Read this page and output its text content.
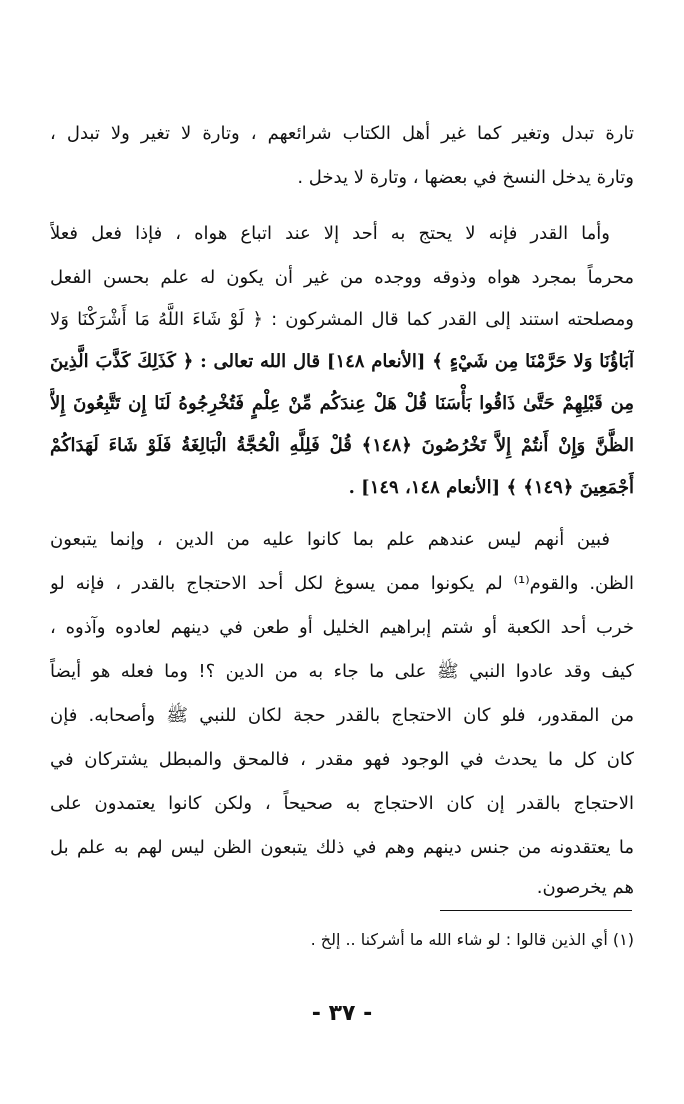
تارة تبدل وتغير كما غير أهل الكتاب شرائعهم ، وتارة لا تغير ولا تبدل ،
وتارة يدخل النسخ في بعضها ، وتارة لا يدخل .
وأما القدر فإنه لا يحتج به أحد إلا عند اتباع هواه ، فإذا فعل فعلاً
محرماً بمجرد هواه وذوقه ووجده من غير أن يكون له علم بحسن الفعل
ومصلحته استند إلى القدر كما قال المشركون : ﴿ لَوْ شَاءَ اللَّهُ مَا أَشْرَكْنَا وَلا
آبَاؤُنَا وَلا حَرَّمْنَا مِن شَيْءٍ ﴾ [الأنعام ١٤٨] قال الله تعالى : ﴿ كَذَلِكَ كَذَّبَ الَّذِينَ
مِن قَبْلِهِمْ حَتَّىٰ ذَاقُوا بَأْسَنَا قُلْ هَلْ عِندَكُم مِّنْ عِلْمٍ فَتُخْرِجُوهُ لَنَا إِن تَتَّبِعُونَ إِلاَّ
الظَّنَّ وَإِنْ أَنتُمْ إِلاَّ تَخْرُصُونَ ﴿١٤٨﴾ قُلْ فَلِلَّهِ الْحُجَّةُ الْبَالِغَةُ فَلَوْ شَاءَ لَهَدَاكُمْ
أَجْمَعِينَ ﴿١٤٩﴾ ﴾ [الأنعام ١٤٨، ١٤٩] .
فبين أنهم ليس عندهم علم بما كانوا عليه من الدين ، وإنما يتبعون
الظن. والقوم⁽¹⁾ لم يكونوا ممن يسوغ لكل أحد الاحتجاج بالقدر ، فإنه لو
خرب أحد الكعبة أو شتم إبراهيم الخليل أو طعن في دينهم لعادوه وآذوه ،
كيف وقد عادوا النبي ﷺ على ما جاء به من الدين ؟! وما فعله هو أيضاً
من المقدور، فلو كان الاحتجاج بالقدر حجة لكان للنبي ﷺ وأصحابه. فإن
كان كل ما يحدث في الوجود فهو مقدر ، فالمحق والمبطل يشتركان في
الاحتجاج بالقدر إن كان الاحتجاج به صحيحاً ، ولكن كانوا يعتمدون على
ما يعتقدونه من جنس دينهم وهم في ذلك يتبعون الظن ليس لهم به علم بل
هم يخرصون.
(١) أي الذين قالوا : لو شاء الله ما أشركنا .. إلخ .
- ٣٧ -
